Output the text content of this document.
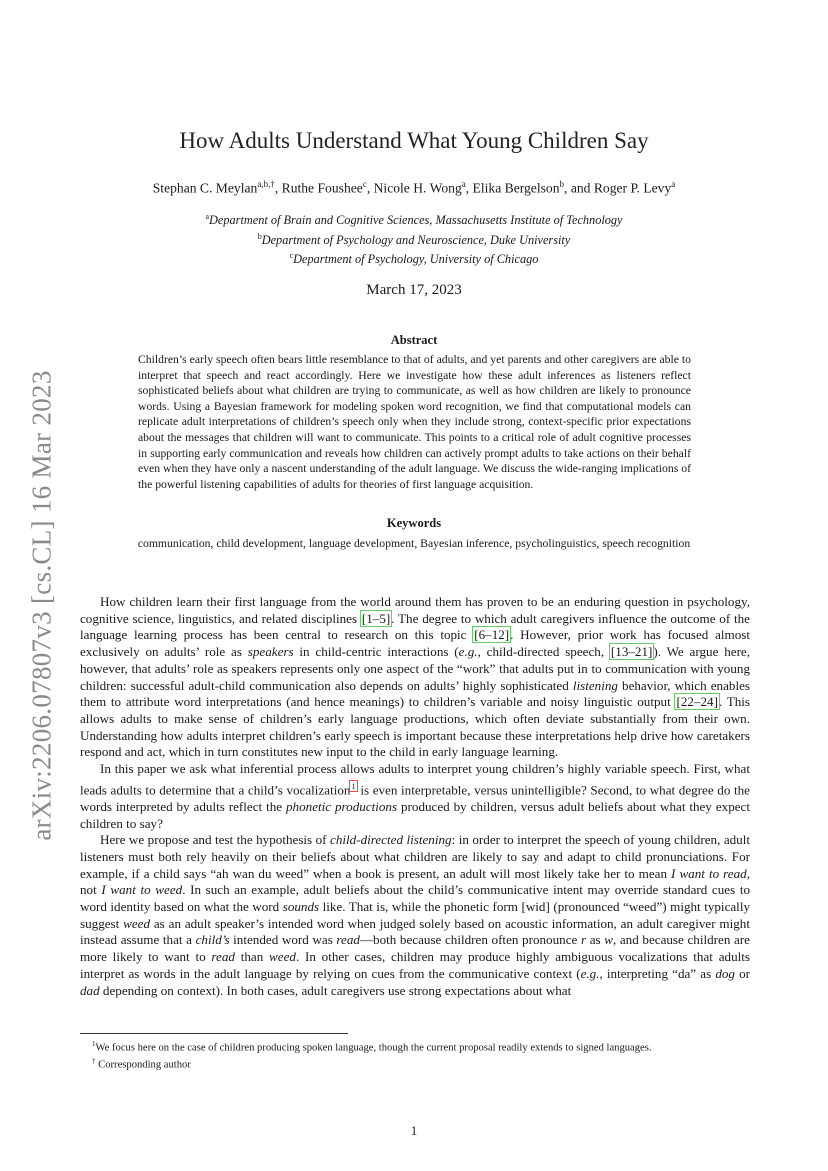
arXiv:2206.07807v3 [cs.CL] 16 Mar 2023
How Adults Understand What Young Children Say
Stephan C. Meylan$^{a,b,\dagger}$, Ruthe Foushee$^c$, Nicole H. Wong$^a$, Elika Bergelson$^b$, and Roger P. Levy$^a$
$^a$Department of Brain and Cognitive Sciences, Massachusetts Institute of Technology
$^b$Department of Psychology and Neuroscience, Duke University
$^c$Department of Psychology, University of Chicago
March 17, 2023
Abstract

Children’s early speech often bears little resemblance to that of adults, and yet parents and other caregivers are able to interpret that speech and react accordingly. Here we investigate how these adult inferences as listeners reflect sophisticated beliefs about what children are trying to communicate, as well as how children are likely to pronounce words. Using a Bayesian framework for modeling spoken word recognition, we find that computational models can replicate adult interpretations of children’s speech only when they include strong, context-specific prior expectations about the messages that children will want to communicate. This points to a critical role of adult cognitive processes in supporting early communication and reveals how children can actively prompt adults to take actions on their behalf even when they have only a nascent understanding of the adult language. We discuss the wide-ranging implications of the powerful listening capabilities of adults for theories of first language acquisition.

Keywords
communication, child development, language development, Bayesian inference, psycholinguistics, speech recognition

How children learn their first language from the world around them has proven to be an enduring question in psychology, cognitive science, linguistics, and related disciplines [1–5]. The degree to which adult caregivers influence the outcome of the language learning process has been central to research on this topic [6–12]. However, prior work has focused almost exclusively on adults’ role as speakers in child-centric interactions (e.g., child-directed speech, [13–21]). We argue here, however, that adults’ role as speakers represents only one aspect of the “work” that adults put in to communication with young children: successful adult-child communication also depends on adults’ highly sophisticated listening behavior, which enables them to attribute word interpretations (and hence meanings) to children’s variable and noisy linguistic output [22–24]. This allows adults to make sense of children’s early language productions, which often deviate substantially from their own. Understanding how adults interpret children’s early speech is important because these interpretations help drive how caretakers respond and act, which in turn constitutes new input to the child in early language learning.

In this paper we ask what inferential process allows adults to interpret young children’s highly variable speech. First, what leads adults to determine that a child’s vocalization$^1$ is even interpretable, versus unintelligible? Second, to what degree do the words interpreted by adults reflect the phonetic productions produced by children, versus adult beliefs about what they expect children to say?

Here we propose and test the hypothesis of child-directed listening: in order to interpret the speech of young children, adult listeners must both rely heavily on their beliefs about what children are likely to say and adapt to child pronunciations. For example, if a child says “ah wan du weed” when a book is present, an adult will most likely take her to mean I want to read, not I want to weed. In such an example, adult beliefs about the child’s communicative intent may override standard cues to word identity based on what the word sounds like. That is, while the phonetic form [wid] (pronounced “weed”) might typically suggest weed as an adult speaker’s intended word when judged solely based on acoustic information, an adult caregiver might instead assume that a child’s intended word was read—both because children often pronounce r as w, and because children are more likely to want to read than weed. In other cases, children may produce highly ambiguous vocalizations that adults interpret as words in the adult language by relying on cues from the communicative context (e.g., interpreting “da” as dog or dad depending on context). In both cases, adult caregivers use strong expectations about what

$^1$We focus here on the case of children producing spoken language, though the current proposal readily extends to signed languages.

† Corresponding author

1
